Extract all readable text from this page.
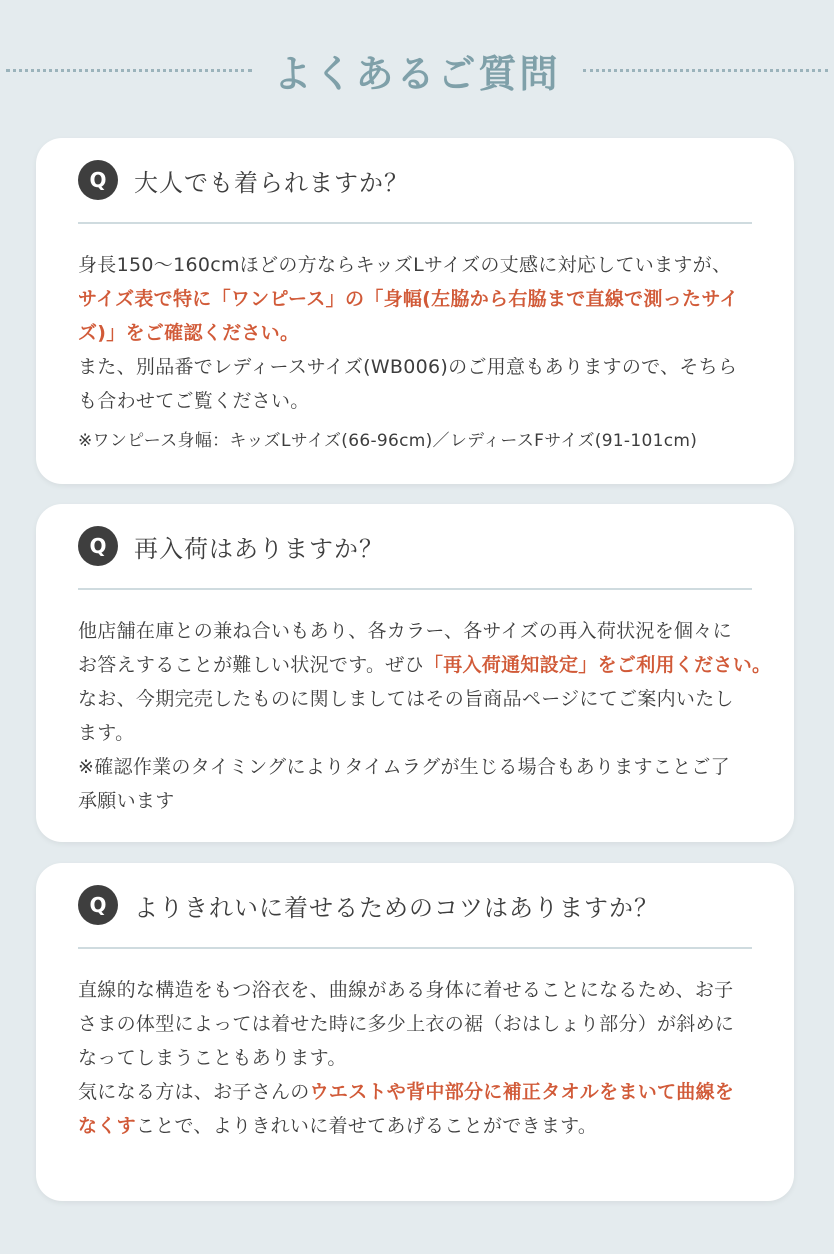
よくあるご質問
Q	大人でも着られますか？
身長150〜160cmほどの方ならキッズLサイズの丈感に対応していますが、
サイズ表で特に「ワンピース」の「身幅(左脇から右脇まで直線で測ったサイ
ズ)」をご確認ください。
また、別品番でレディースサイズ(WB006)のご用意もありますので、そちら
も合わせてご覧ください。
※ワンピース身幅：キッズLサイズ(66-96cm)／レディースFサイズ(91-101cm)
Q	再入荷はありますか？
他店舗在庫との兼ね合いもあり、各カラー、各サイズの再入荷状況を個々に
お答えすることが難しい状況です。ぜひ「再入荷通知設定」をご利用ください。
なお、今期完売したものに関しましてはその旨商品ページにてご案内いたし
ます。
※確認作業のタイミングによりタイムラグが生じる場合もありますことご了
承願います
Q	よりきれいに着せるためのコツはありますか？
直線的な構造をもつ浴衣を、曲線がある身体に着せることになるため、お子
さまの体型によっては着せた時に多少上衣の裾（おはしょり部分）が斜めに
なってしまうこともあります。
気になる方は、お子さんのウエストや背中部分に補正タオルをまいて曲線を
なくすことで、よりきれいに着せてあげることができます。
